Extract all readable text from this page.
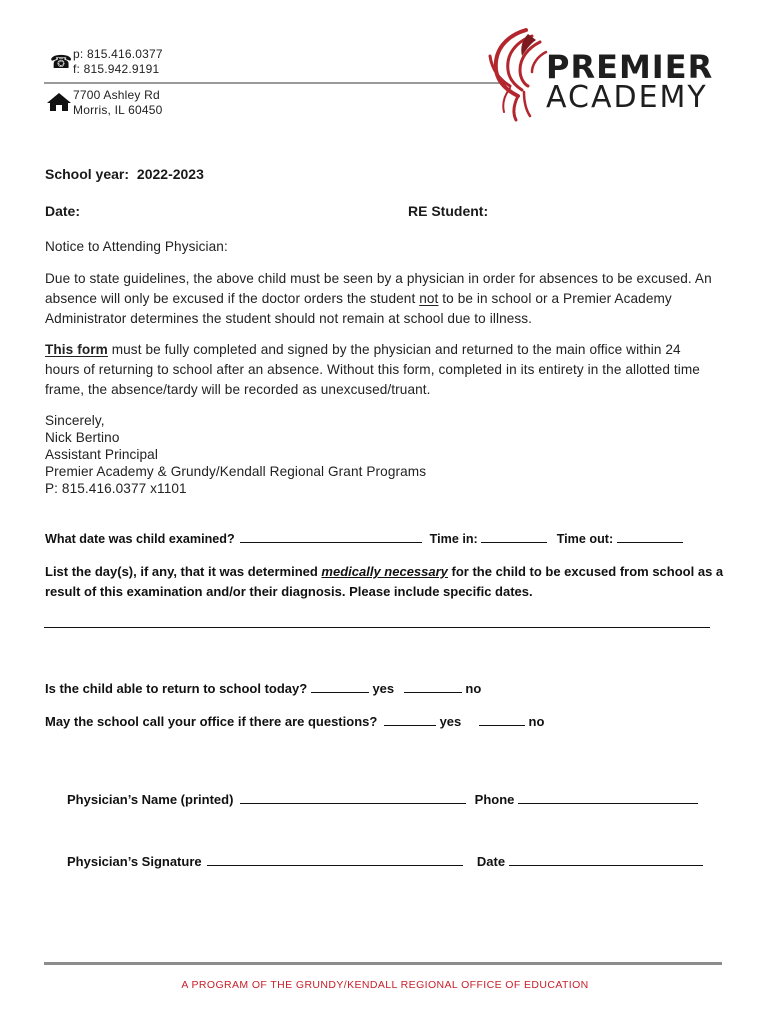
☎ p: 815.416.0377
f: 815.942.9191
7700 Ashley Rd
Morris, IL 60450
PREMIER
ACADEMY
School year: 2022-2023
Date:	RE Student:
Notice to Attending Physician:
Due to state guidelines, the above child must be seen by a physician in order for absences to be excused. An absence will only be excused if the doctor orders the student not to be in school or a Premier Academy Administrator determines the student should not remain at school due to illness.
This form must be fully completed and signed by the physician and returned to the main office within 24 hours of returning to school after an absence. Without this form, completed in its entirety in the allotted time frame, the absence/tardy will be recorded as unexcused/truant.
Sincerely,
Nick Bertino
Assistant Principal
Premier Academy & Grundy/Kendall Regional Grant Programs
P: 815.416.0377 x1101
What date was child examined?	Time in:	Time out:
List the day(s), if any, that it was determined medically necessary for the child to be excused from school as a result of this examination and/or their diagnosis. Please include specific dates.
Is the child able to return to school today?	yes	no
May the school call your office if there are questions?	yes	no
Physician’s Name (printed)	Phone
Physician’s Signature	Date
A PROGRAM OF THE GRUNDY/KENDALL REGIONAL OFFICE OF EDUCATION
